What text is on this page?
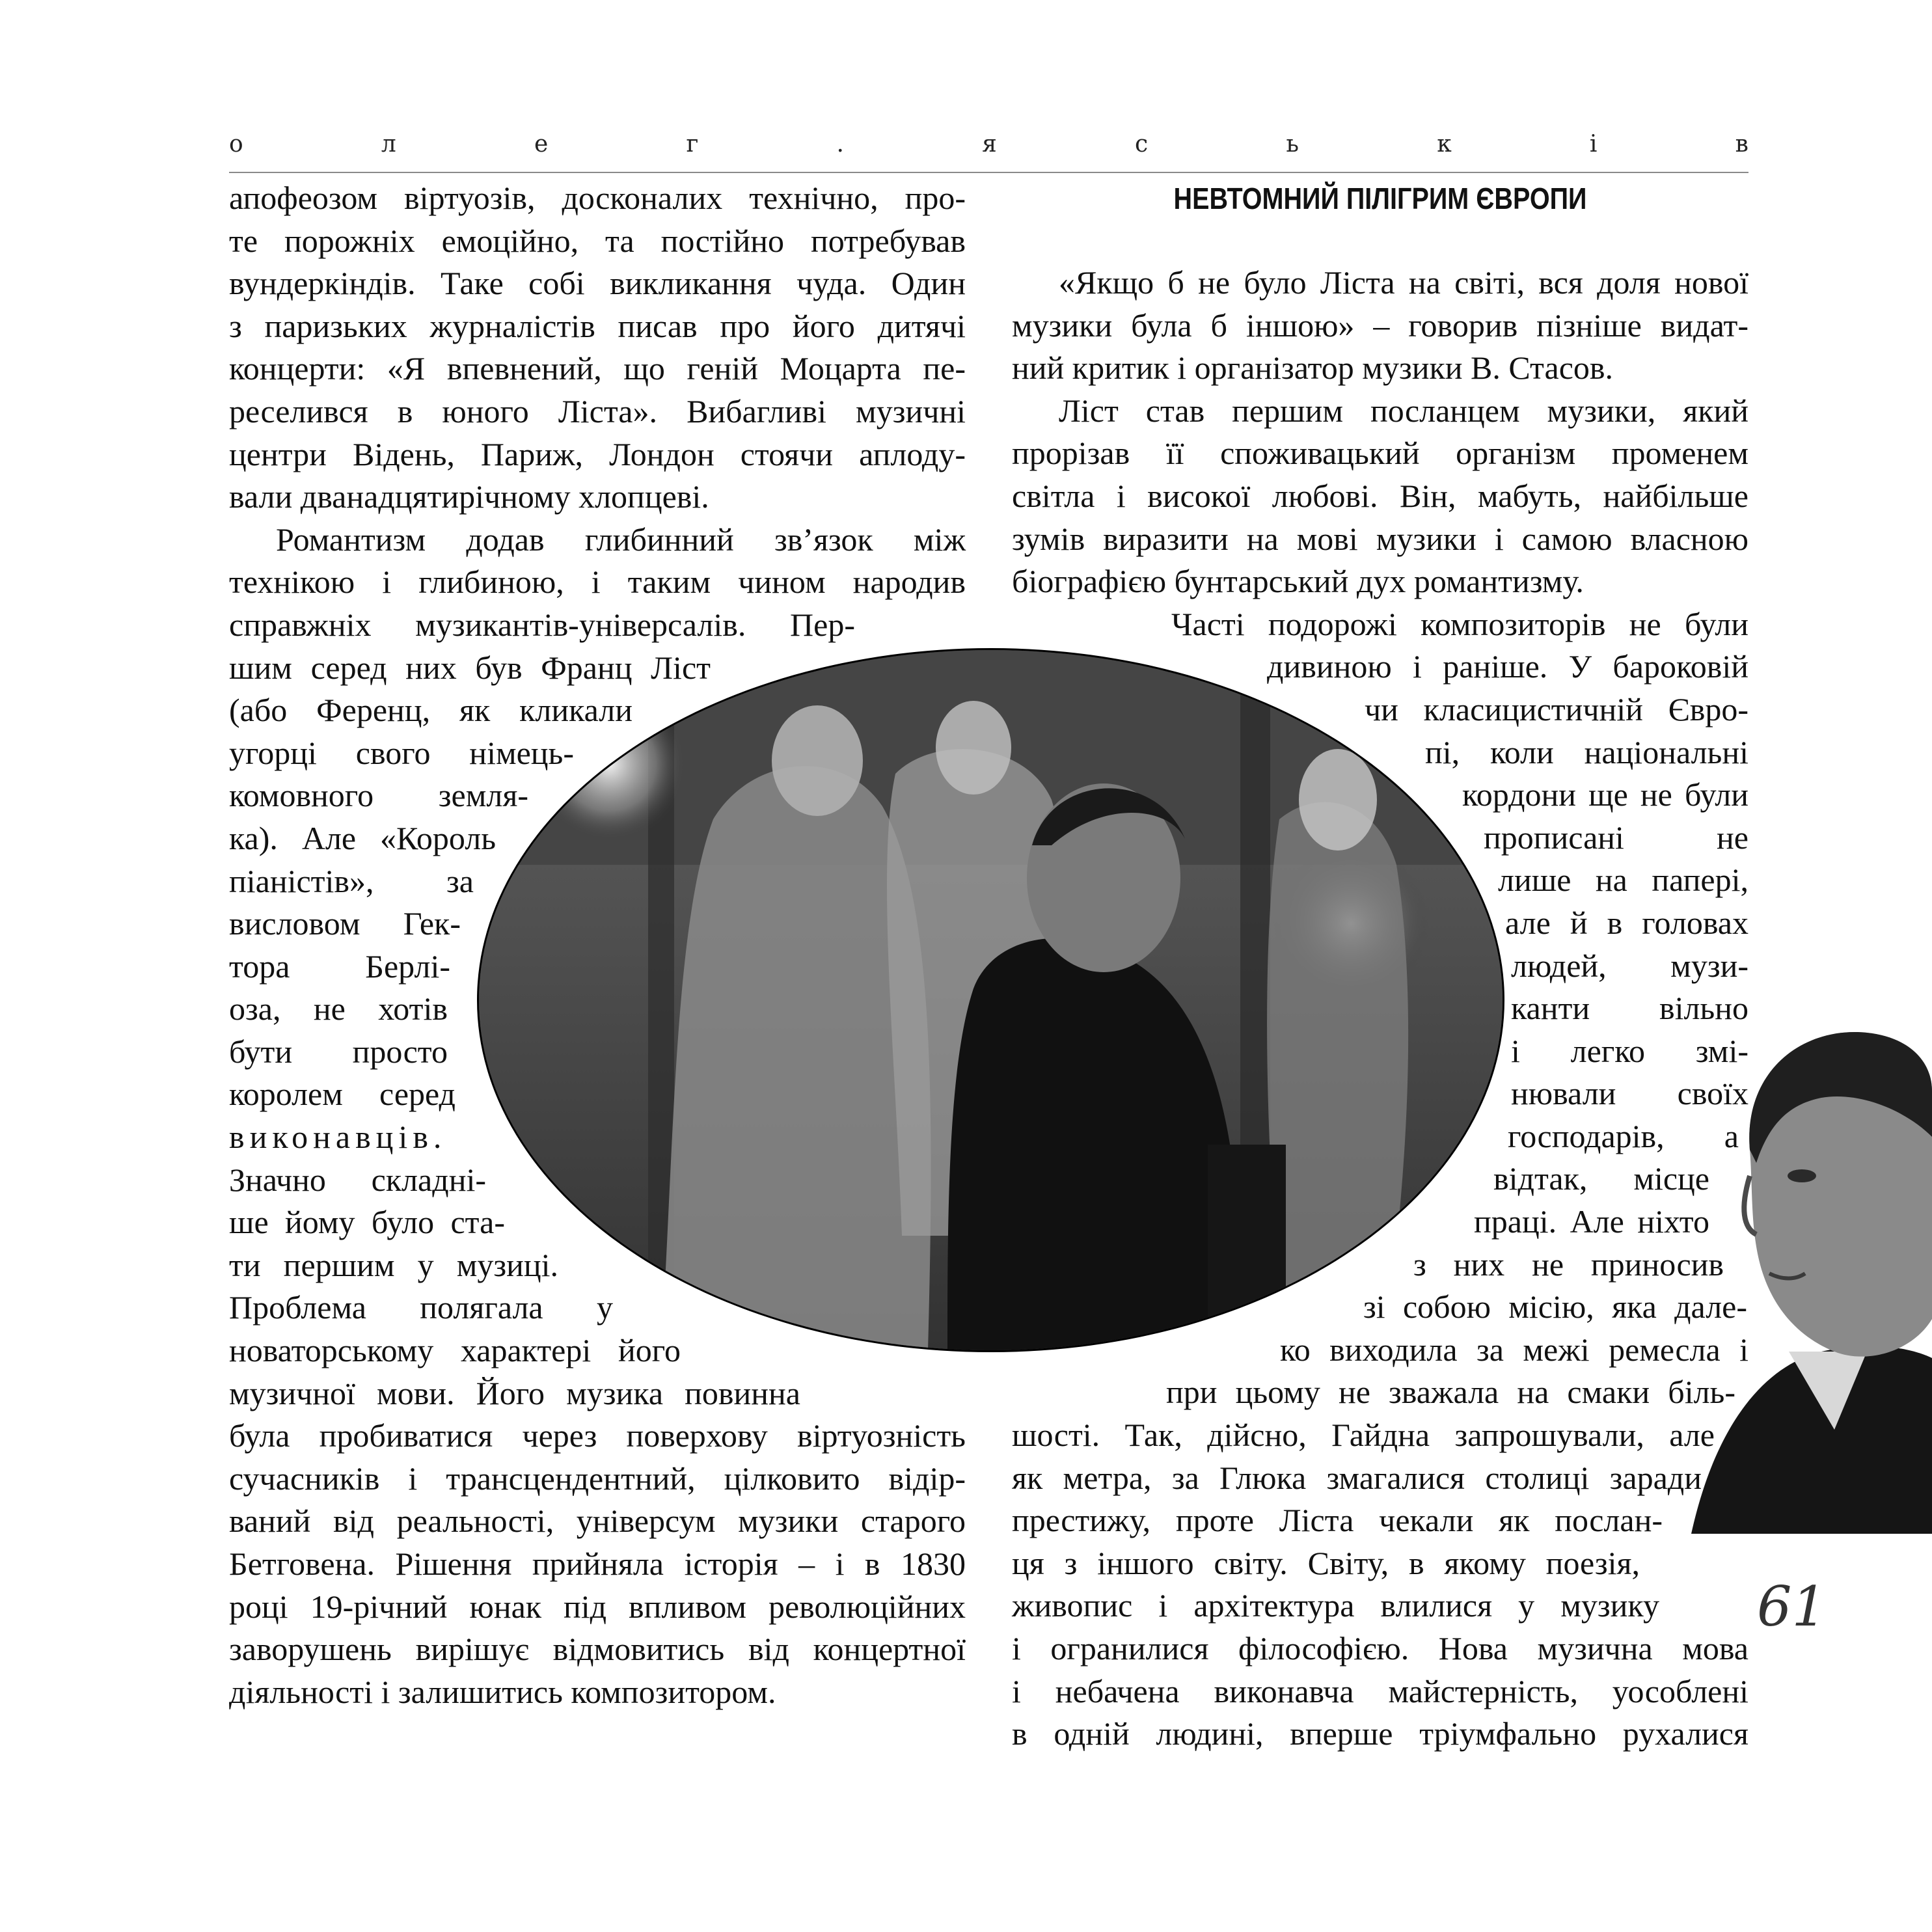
о	л	е	г	.	я	с	ь	к	і	в
НЕВТОМНИЙ ПІЛІГРИМ ЄВРОПИ
апофеозом віртуозів, досконалих технічно, про-
те порожніх емоційно, та постійно потребував
вундеркіндів. Таке собі викликання чуда. Один
з паризьких журналістів писав про його дитячі
концерти: «Я впевнений, що геній Моцарта пе-
реселився в юного Ліста». Вибагливі музичні
центри Відень, Париж, Лондон стоячи аплоду-
вали дванадцятирічному хлопцеві.
Романтизм додав глибинний зв’язок між
технікою і глибиною, і таким чином народив
справжніх музикантів-універсалів. Пер-
шим серед них був Франц Ліст
(або Ференц, як кликали
угорці свого німець-
комовного земля-
ка). Але «Король
піаністів», за
висловом Гек-
тора Берлі-
оза, не хотів
бути просто
королем серед
виконавців.
Значно складні-
ше йому було ста-
ти першим у музиці.
Проблема полягала у
новаторському характері його
музичної мови. Його музика повинна
була пробиватися через поверхову віртуозність
сучасників і трансцендентний, цілковито відір-
ваний від реальності, універсум музики старого
Бетговена. Рішення прийняла історія – і в 1830
році 19-річний юнак під впливом революційних
заворушень вирішує відмовитись від концертної
діяльності і залишитись композитором.
«Якщо б не було Ліста на світі, вся доля нової
музики була б іншою» – говорив пізніше видат-
ний критик і організатор музики В. Стасов.
Ліст став першим посланцем музики, який
прорізав її споживацький організм променем
світла і високої любові. Він, мабуть, найбільше
зумів виразити на мові музики і самою власною
біографією бунтарський дух романтизму.
Часті подорожі композиторів не були
дивиною і раніше. У бароковій
чи класицистичній Євро-
пі, коли національні
кордони ще не були
прописані не
лише на папері,
але й в головах
людей, музи-
канти вільно
і легко змі-
нювали своїх
господарів, а
відтак, місце
праці. Але ніхто
з них не приносив
зі собою місію, яка дале-
ко виходила за межі ремесла і
при цьому не зважала на смаки біль-
шості. Так, дійсно, Гайдна запрошували, але
як метра, за Глюка змагалися столиці заради
престижу, проте Ліста чекали як послан-
ця з іншого світу. Світу, в якому поезія,
живопис і архітектура влилися у музику
і огранилися філософією. Нова музична мова
і небачена виконавча майстерність, уособлені
в одній людині, вперше тріумфально рухалися
61
